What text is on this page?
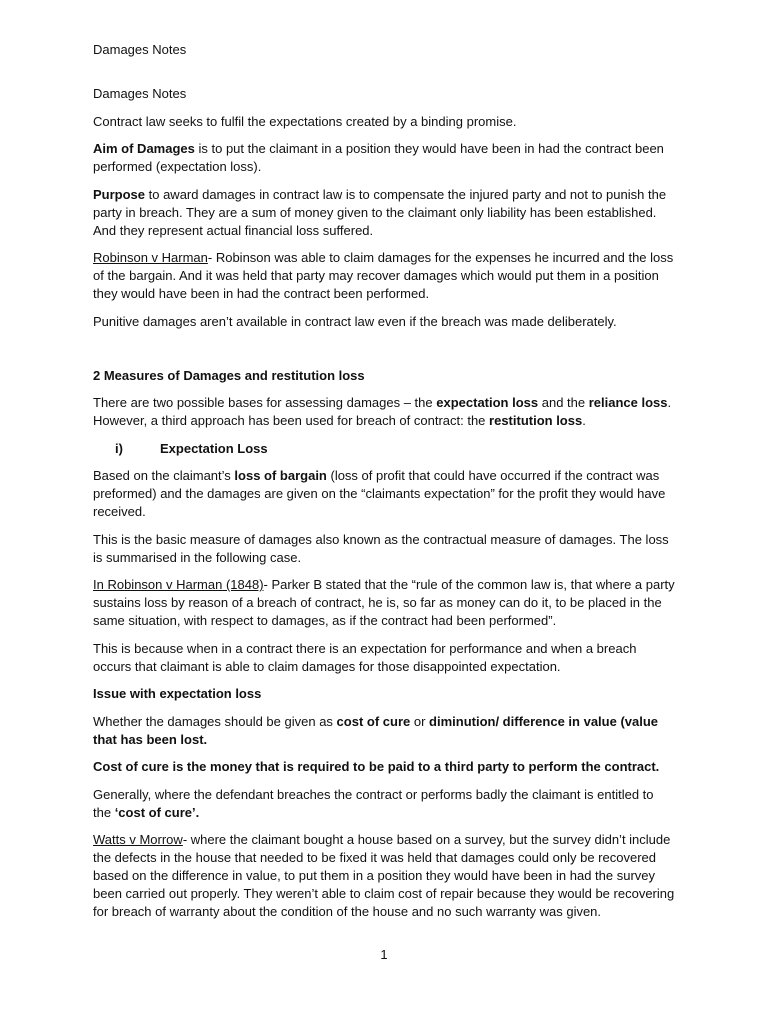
Damages Notes

Damages Notes

Contract law seeks to fulfil the expectations created by a binding promise.

Aim of Damages is to put the claimant in a position they would have been in had the contract been performed (expectation loss).

Purpose to award damages in contract law is to compensate the injured party and not to punish the party in breach. They are a sum of money given to the claimant only liability has been established. And they represent actual financial loss suffered.

Robinson v Harman- Robinson was able to claim damages for the expenses he incurred and the loss of the bargain. And it was held that party may recover damages which would put them in a position they would have been in had the contract been performed.

Punitive damages aren’t available in contract law even if the breach was made deliberately.

2 Measures of Damages and restitution loss

There are two possible bases for assessing damages – the expectation loss and the reliance loss. However, a third approach has been used for breach of contract: the restitution loss.

i)	Expectation Loss

Based on the claimant’s loss of bargain (loss of profit that could have occurred if the contract was preformed) and the damages are given on the “claimants expectation” for the profit they would have received.

This is the basic measure of damages also known as the contractual measure of damages. The loss is summarised in the following case.

In Robinson v Harman (1848)- Parker B stated that the “rule of the common law is, that where a party sustains loss by reason of a breach of contract, he is, so far as money can do it, to be placed in the same situation, with respect to damages, as if the contract had been performed”.

This is because when in a contract there is an expectation for performance and when a breach occurs that claimant is able to claim damages for those disappointed expectation.

Issue with expectation loss

Whether the damages should be given as cost of cure or diminution/ difference in value (value that has been lost.

Cost of cure is the money that is required to be paid to a third party to perform the contract.

Generally, where the defendant breaches the contract or performs badly the claimant is entitled to the ‘cost of cure’.

Watts v Morrow- where the claimant bought a house based on a survey, but the survey didn’t include the defects in the house that needed to be fixed it was held that damages could only be recovered based on the difference in value, to put them in a position they would have been in had the survey been carried out properly. They weren’t able to claim cost of repair because they would be recovering for breach of warranty about the condition of the house and no such warranty was given.

1
